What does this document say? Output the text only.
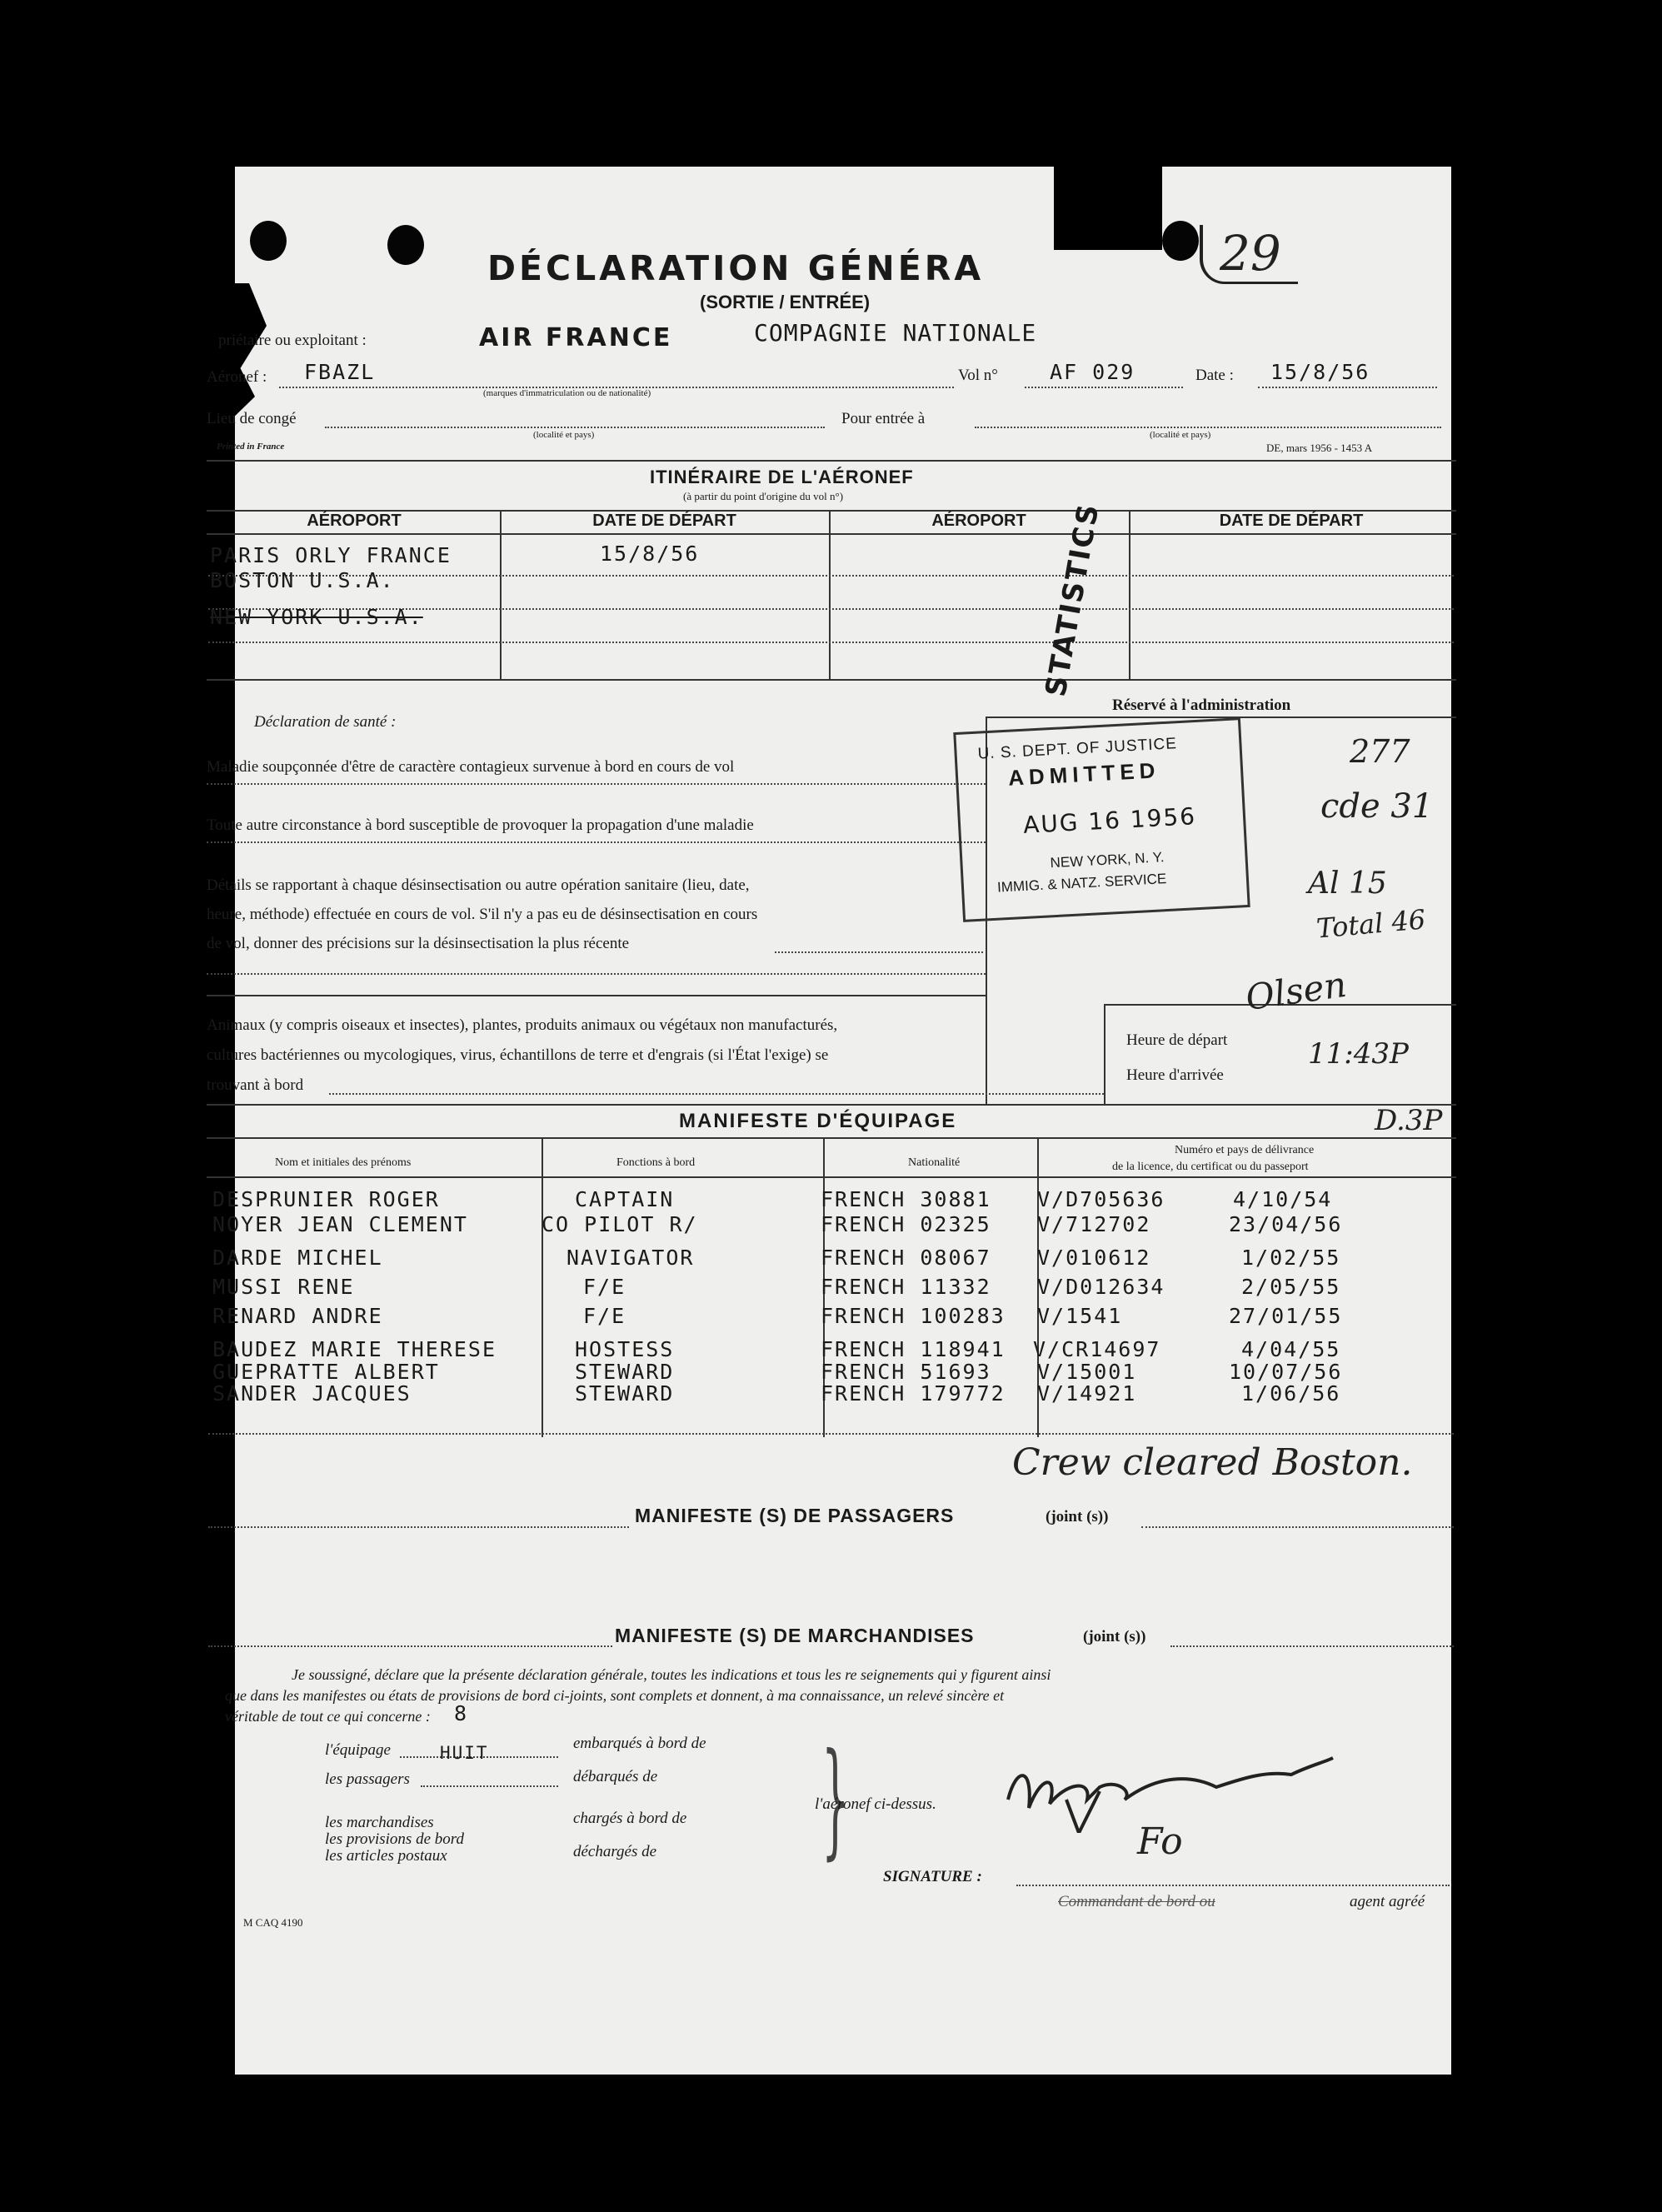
DÉCLARATION GÉNÉRA
(SORTIE / ENTRÉE)
29
priétaire ou exploitant :	AIR FRANCE	COMPAGNIE NATIONALE
Aéronef : FBAZL
(marques d'immatriculation ou de nationalité)
Vol n° AF 029	Date : 15/8/56
Lieu de congé
(localité et pays)
Pour entrée à
(localité et pays)
Printed in France	DE, mars 1956 - 1453 A
ITINÉRAIRE DE L'AÉRONEF
(à partir du point d'origine du vol n°)
AÉROPORT	DATE DE DÉPART	AÉROPORT	DATE DE DÉPART
PARIS ORLY FRANCE	15/8/56
BOSTON U.S.A.
NEW YORK U.S.A.	STATISTICS
Déclaration de santé :
Maladie soupçonnée d'être de caractère contagieux survenue à bord en cours de vol
Toute autre circonstance à bord susceptible de provoquer la propagation d'une maladie
Détails se rapportant à chaque désinsectisation ou autre opération sanitaire (lieu, date,
heure, méthode) effectuée en cours de vol. S'il n'y a pas eu de désinsectisation en cours
de vol, donner des précisions sur la désinsectisation la plus récente
Réservé à l'administration
Animaux (y compris oiseaux et insectes), plantes, produits animaux ou végétaux non manufacturés,
cultures bactériennes ou mycologiques, virus, échantillons de terre et d'engrais (si l'État l'exige) se
trouvant à bord
Heure de départ
Heure d'arrivée
U. S. DEPT. OF JUSTICE
ADMITTED
AUG 16 1956
NEW YORK, N. Y.
IMMIG. & NATZ. SERVICE
277
cde 31
Al 15
Total 46
Olsen
11:43P
D.3P
MANIFESTE D'ÉQUIPAGE
Nom et initiales des prénoms	Fonctions à bord	Nationalité
Numéro et pays de délivrance
de la licence, du certificat ou du passeport
DESPRUNIER ROGER	CAPTAIN	FRENCH 30881 V/D705636	4/10/54
NOYER JEAN CLEMENT	CO PILOT R/	FRENCH 02325 V/712702	23/04/56
DARDE MICHEL	NAVIGATOR	FRENCH 08067 V/010612	1/02/55
MUSSI RENE	F/E	FRENCH 11332 V/D012634	2/05/55
RENARD ANDRE	F/E	FRENCH 100283 V/1541	27/01/55
BAUDEZ MARIE THERESE	HOSTESS	FRENCH 118941 V/CR14697	4/04/55
GUEPRATTE ALBERT	STEWARD	FRENCH 51693 V/15001	10/07/56
SANDER JACQUES	STEWARD	FRENCH 179772 V/14921	1/06/56
Crew cleared Boston.
MANIFESTE (S) DE PASSAGERS	(joint (s))
MANIFESTE (S) DE MARCHANDISES	(joint (s))
Je soussigné, déclare que la présente déclaration générale, toutes les indications et tous les re seignements qui y figurent ainsi
que dans les manifestes ou états de provisions de bord ci-joints, sont complets et donnent, à ma connaissance, un relevé sincère et
véritable de tout ce qui concerne :
l'équipage
8
embarqués à bord de
les passagers
HUIT
débarqués de
les marchandises	chargés à bord de
les provisions de bord
les articles postaux	déchargés de }
l'aéronef ci-dessus.
Fo
SIGNATURE :
Commandant de bord ou	agent agréé
M CAQ 4190
